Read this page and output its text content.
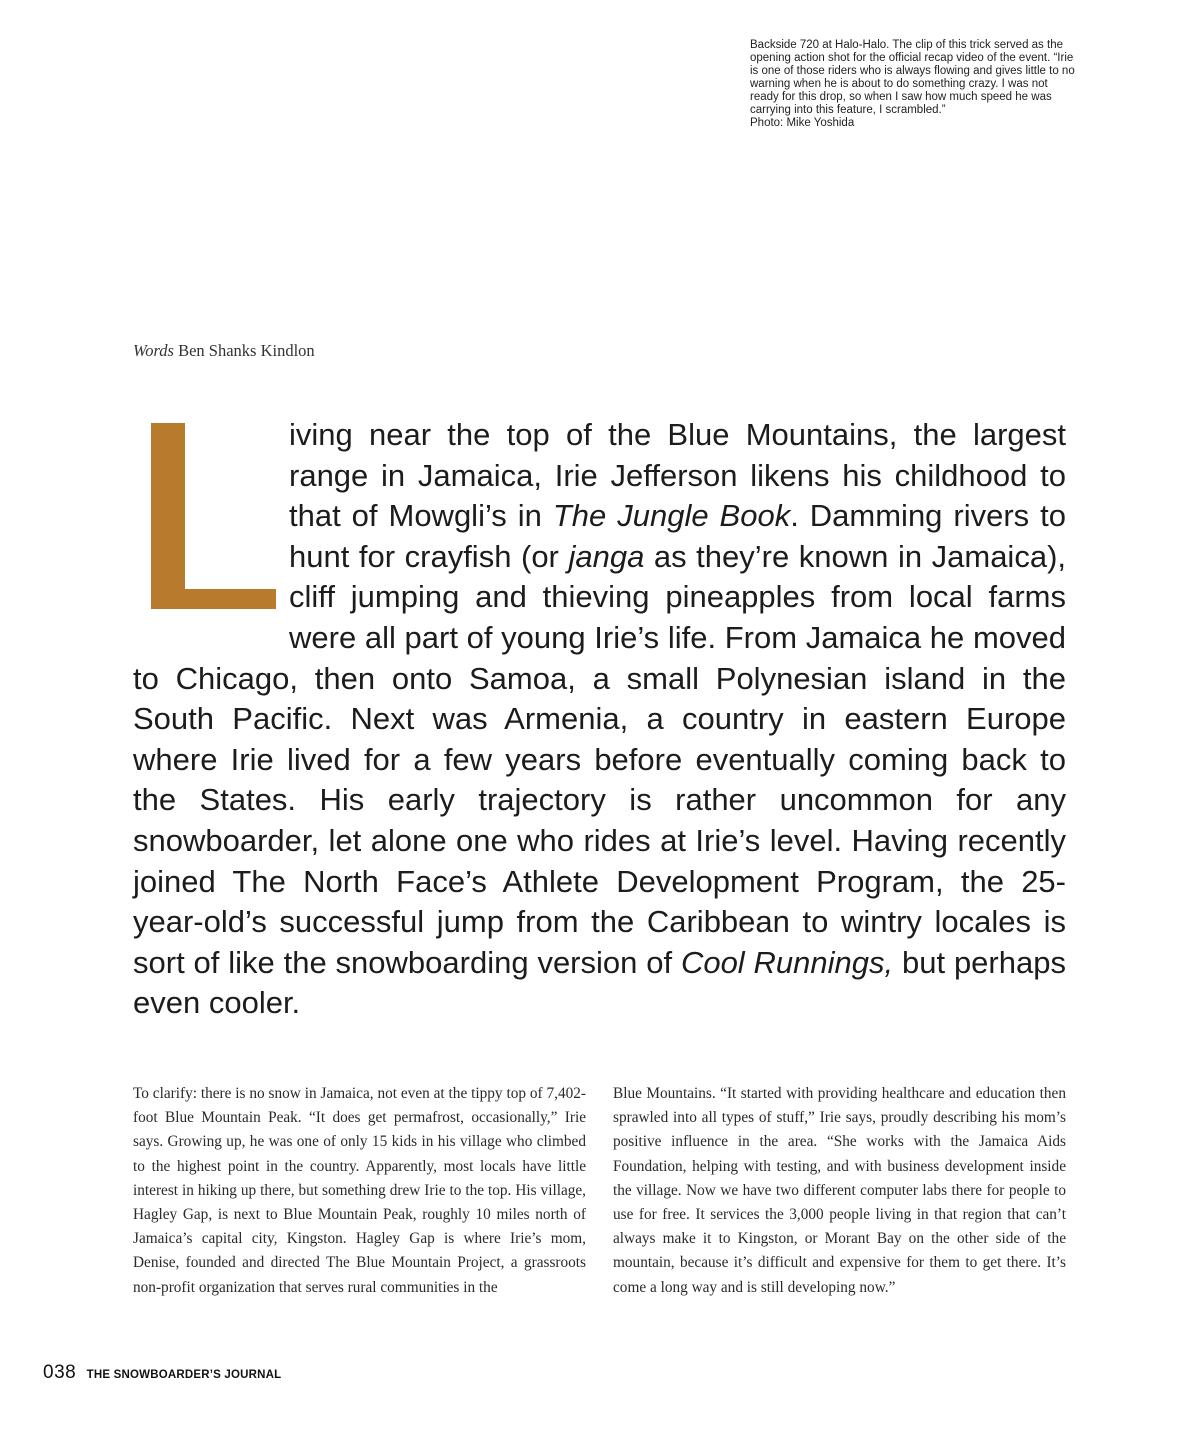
Backside 720 at Halo-Halo. The clip of this trick served as the opening action shot for the official recap video of the event. “Irie is one of those riders who is always flowing and gives little to no warning when he is about to do something crazy. I was not ready for this drop, so when I saw how much speed he was carrying into this feature, I scrambled.”

Photo: Mike Yoshida

Words Ben Shanks Kindlon

iving near the top of the Blue Mountains, the largest range in Jamaica, Irie Jefferson likens his childhood to that of Mowgli’s in The Jungle Book. Damming rivers to hunt for crayfish (or janga as they’re known in Jamaica), cliff jumping and thieving pineapples from local farms were all part of young Irie’s life. From Jamaica he moved to Chicago, then onto Samoa, a small Polynesian island in the South Pacific. Next was Armenia, a country in eastern Europe where Irie lived for a few years before eventually coming back to the States. His early trajectory is rather uncommon for any snowboarder, let alone one who rides at Irie’s level. Having recently joined The North Face’s Athlete Development Program, the 25-year-old’s successful jump from the Caribbean to wintry locales is sort of like the snowboarding version of Cool Runnings, but perhaps even cooler.

To clarify: there is no snow in Jamaica, not even at the tippy top of 7,402-foot Blue Mountain Peak. “It does get permafrost, occasionally,” Irie says. Growing up, he was one of only 15 kids in his village who climbed to the highest point in the country. Apparently, most locals have little interest in hiking up there, but something drew Irie to the top. His village, Hagley Gap, is next to Blue Mountain Peak, roughly 10 miles north of Jamaica’s capital city, Kingston. Hagley Gap is where Irie’s mom, Denise, founded and directed The Blue Mountain Project, a grassroots non-profit organization that serves rural communities in the

Blue Mountains. “It started with providing healthcare and education then sprawled into all types of stuff,” Irie says, proudly describing his mom’s positive influence in the area. “She works with the Jamaica Aids Foundation, helping with testing, and with business development inside the village. Now we have two different computer labs there for people to use for free. It services the 3,000 people living in that region that can’t always make it to Kingston, or Morant Bay on the other side of the mountain, because it’s difficult and expensive for them to get there. It’s come a long way and is still developing now.”

038 THE SNOWBOARDER’S JOURNAL
